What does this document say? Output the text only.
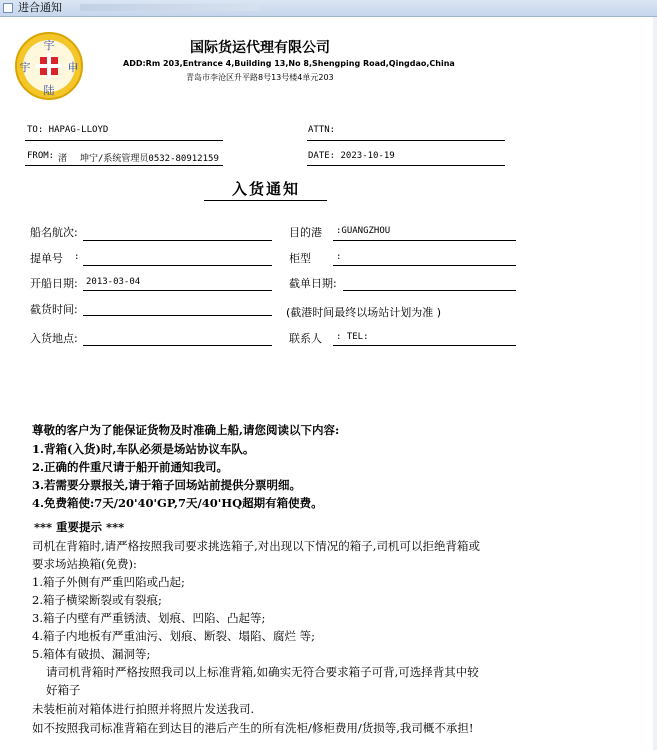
进合通知
宇
宇	申
陆
国际货运代理有限公司
ADD:Rm 203,Entrance 4,Building 13,No 8,Shengping Road,Qingdao,China
青岛市李沧区升平路8号13号楼4单元203
TO: HAPAG-LLOYD	ATTN:
FROM: 渚 坤宁/系统管理员0532-80912159	DATE: 2023-10-19
入货通知
船名航次:	目的港 :GUANGZHOU
提单号 :	柜型	:
开船日期: 2013-03-04	截单日期:
截货时间:	(截港时间最终以场站计划为准 )
入货地点:	联系人 : TEL:
尊敬的客户为了能保证货物及时准确上船,请您阅读以下内容:
1.背箱(入货)时,车队必须是场站协议车队。
2.正确的件重尺请于船开前通知我司。
3.若需要分票报关,请于箱子回场站前提供分票明细。
4.免费箱使:7天/20'40'GP,7天/40'HQ超期有箱使费。
*** 重要提示 ***
司机在背箱时,请严格按照我司要求挑选箱子,对出现以下情况的箱子,司机可以拒绝背箱或
要求场站换箱(免费):
1.箱子外侧有严重凹陷或凸起;
2.箱子横梁断裂或有裂痕;
3.箱子内壁有严重锈渍、划痕、凹陷、凸起等;
4.箱子内地板有严重油污、划痕、断裂、塌陷、腐烂 等;
5.箱体有破损、漏洞等;
请司机背箱时严格按照我司以上标准背箱,如确实无符合要求箱子可背,可选择背其中较
好箱子
未装柜前对箱体进行拍照并将照片发送我司.
如不按照我司标准背箱在到达目的港后产生的所有洗柜/修柜费用/货损等,我司概不承担!
